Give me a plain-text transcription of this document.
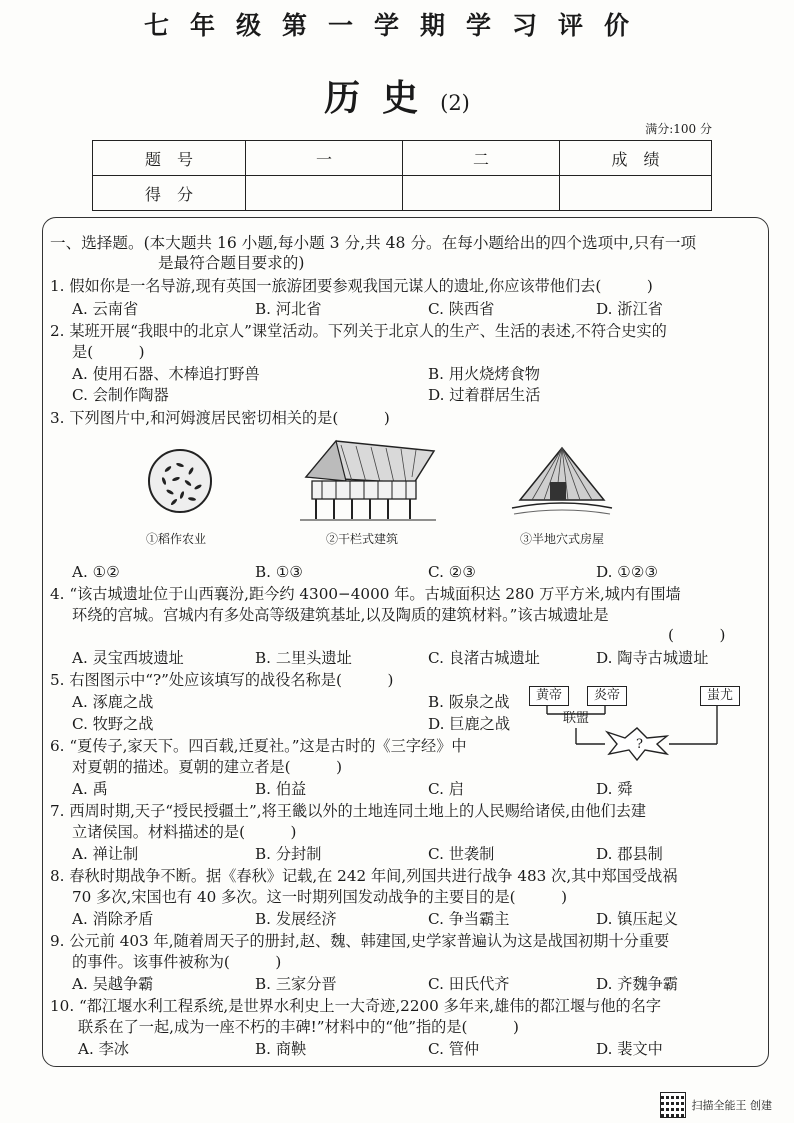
七年级第一学期学习评价
历史(2)
满分:100 分
题　号	一	二	成　绩
得　分			
一、选择题。(本大题共 16 小题,每小题 3 分,共 48 分。在每小题给出的四个选项中,只有一项
是最符合题目要求的)
1. 假如你是一名导游,现有英国一旅游团要参观我国元谋人的遗址,你应该带他们去(　　　)
A. 云南省	B. 河北省	C. 陕西省	D. 浙江省
2. 某班开展“我眼中的北京人”课堂活动。下列关于北京人的生产、生活的表述,不符合史实的
是(　　　)
A. 使用石器、木棒追打野兽	B. 用火烧烤食物
C. 会制作陶器	D. 过着群居生活
3. 下列图片中,和河姆渡居民密切相关的是(　　　)
①稻作农业	②干栏式建筑	③半地穴式房屋
A. ①②	B. ①③	C. ②③	D. ①②③
4. “该古城遗址位于山西襄汾,距今约 4300−4000 年。古城面积达 280 万平方米,城内有围墙
环绕的宫城。宫城内有多处高等级建筑基址,以及陶质的建筑材料。”该古城遗址是
(　　　)
A. 灵宝西坡遗址	B. 二里头遗址	C. 良渚古城遗址	D. 陶寺古城遗址
5. 右图图示中“?”处应该填写的战役名称是(　　　)
A. 涿鹿之战	B. 阪泉之战
C. 牧野之战	D. 巨鹿之战
黄帝	炎帝	蚩尤
联盟
?
6. “夏传子,家天下。四百载,迁夏社。”这是古时的《三字经》中
对夏朝的描述。夏朝的建立者是(　　　)
A. 禹	B. 伯益	C. 启	D. 舜
7. 西周时期,天子“授民授疆土”,将王畿以外的土地连同土地上的人民赐给诸侯,由他们去建
立诸侯国。材料描述的是(　　　)
A. 禅让制	B. 分封制	C. 世袭制	D. 郡县制
8. 春秋时期战争不断。据《春秋》记载,在 242 年间,列国共进行战争 483 次,其中郑国受战祸
70 多次,宋国也有 40 多次。这一时期列国发动战争的主要目的是(　　　)
A. 消除矛盾	B. 发展经济	C. 争当霸主	D. 镇压起义
9. 公元前 403 年,随着周天子的册封,赵、魏、韩建国,史学家普遍认为这是战国初期十分重要
的事件。该事件被称为(　　　)
A. 吴越争霸	B. 三家分晋	C. 田氏代齐	D. 齐魏争霸
10. “都江堰水利工程系统,是世界水利史上一大奇迹,2200 多年来,雄伟的都江堰与他的名字
联系在了一起,成为一座不朽的丰碑!”材料中的“他”指的是(　　　)
A. 李冰	B. 商鞅	C. 管仲	D. 裴文中
扫描全能王 创建
